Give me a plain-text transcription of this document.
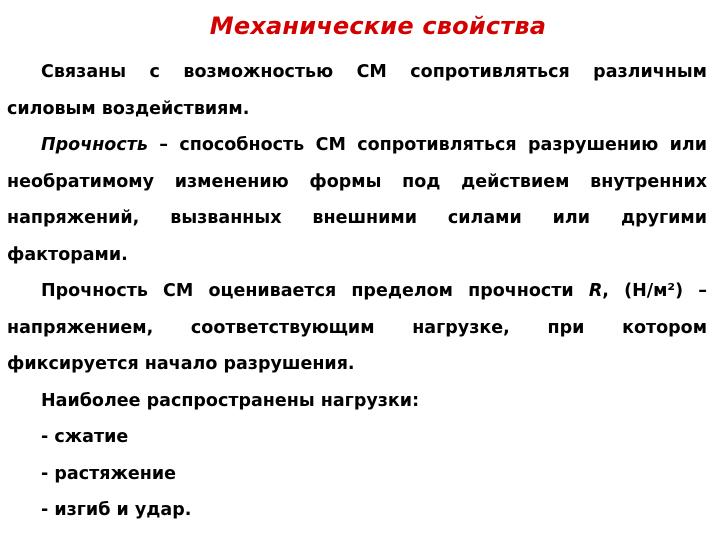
Механические свойства

Связаны с возможностью СМ сопротивляться различным силовым воздействиям.

Прочность – способность СМ сопротивляться разрушению или необратимому изменению формы под действием внутренних напряжений, вызванных внешними силами или другими факторами.

Прочность СМ оценивается пределом прочности R, (Н/м²) – напряжением, соответствующим нагрузке, при котором фиксируется начало разрушения.

Наиболее распространены нагрузки:

- сжатие

- растяжение

- изгиб и удар.
